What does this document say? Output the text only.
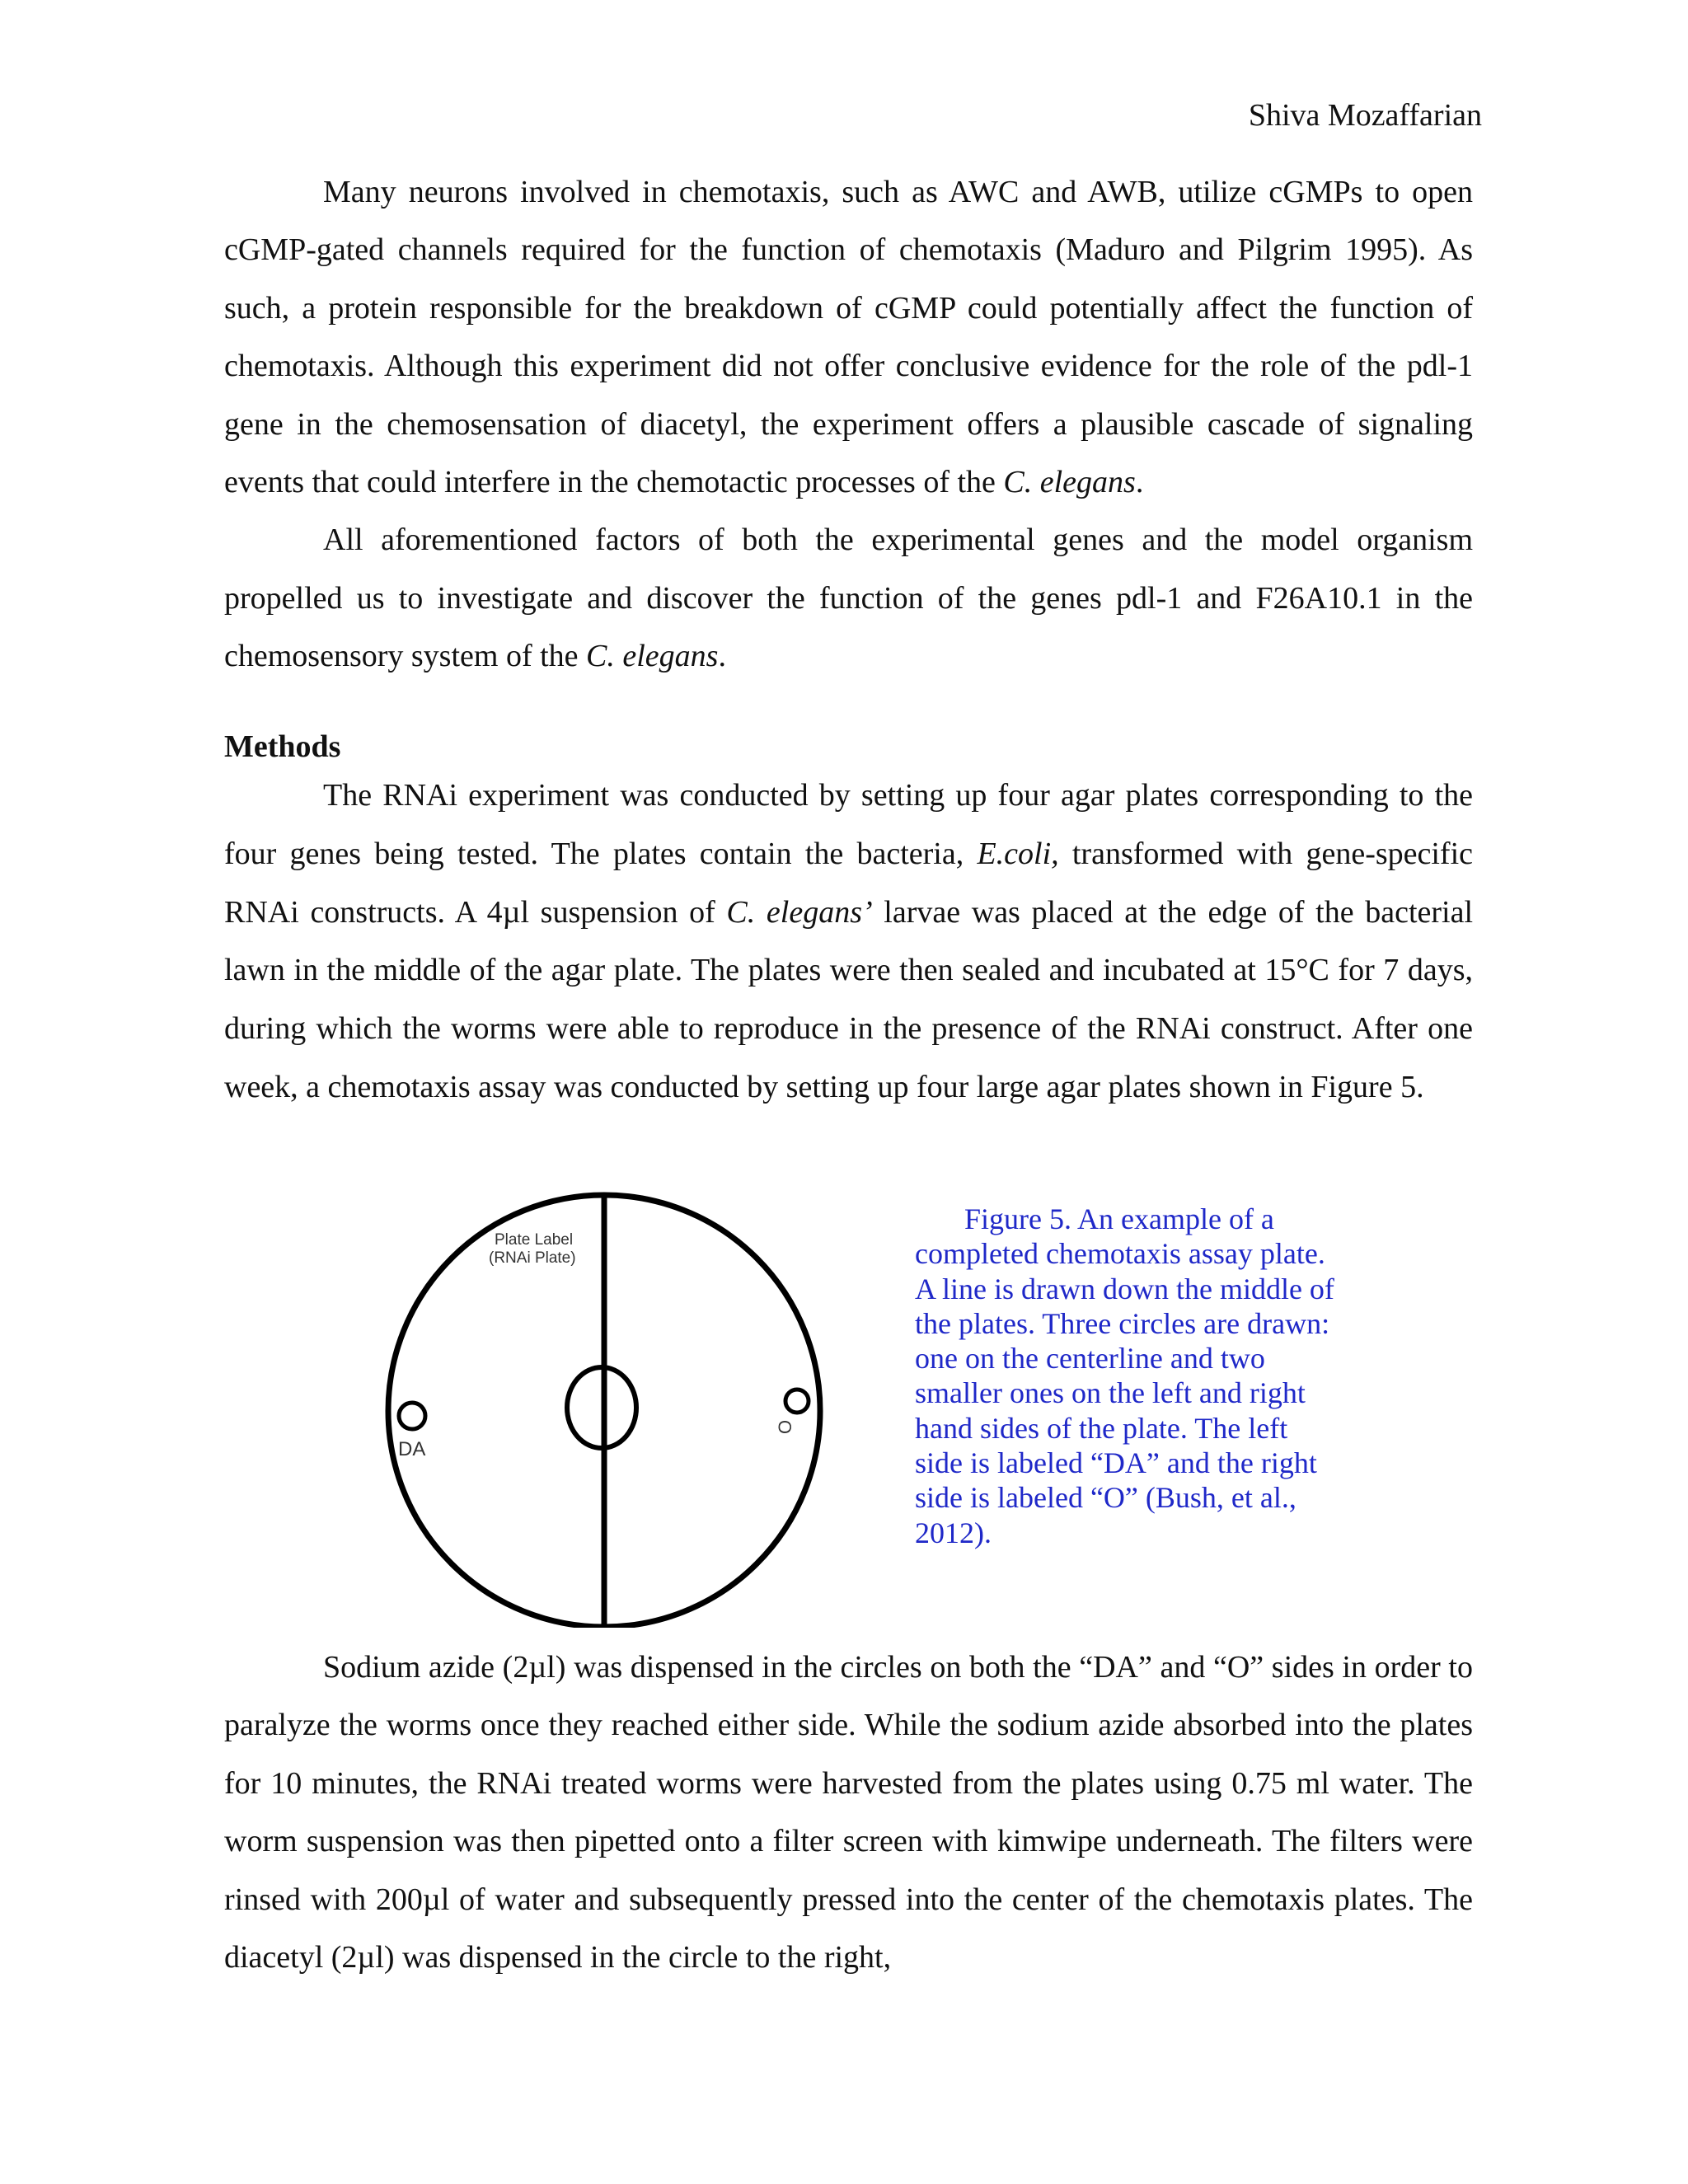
Shiva Mozaffarian

Many neurons involved in chemotaxis, such as AWC and AWB, utilize cGMPs to open cGMP-gated channels required for the function of chemotaxis (Maduro and Pilgrim 1995). As such, a protein responsible for the breakdown of cGMP could potentially affect the function of chemotaxis. Although this experiment did not offer conclusive evidence for the role of the pdl-1 gene in the chemosensation of diacetyl, the experiment offers a plausible cascade of signaling events that could interfere in the chemotactic processes of the C. elegans.

All aforementioned factors of both the experimental genes and the model organism propelled us to investigate and discover the function of the genes pdl-1 and F26A10.1 in the chemosensory system of the C. elegans.

Methods

The RNAi experiment was conducted by setting up four agar plates corresponding to the four genes being tested. The plates contain the bacteria, E.coli, transformed with gene-specific RNAi constructs. A 4µl suspension of C. elegans’ larvae was placed at the edge of the bacterial lawn in the middle of the agar plate. The plates were then sealed and incubated at 15°C for 7 days, during which the worms were able to reproduce in the presence of the RNAi construct. After one week, a chemotaxis assay was conducted by setting up four large agar plates shown in Figure 5.

Plate Label
(RNAi Plate)
DA
O
Figure 5. An example of a
completed chemotaxis assay plate.
A line is drawn down the middle of
the plates. Three circles are drawn:
one on the centerline and two
smaller ones on the left and right
hand sides of the plate. The left
side is labeled “DA” and the right
side is labeled “O” (Bush, et al.,
2012).

Sodium azide (2µl) was dispensed in the circles on both the “DA” and “O” sides in order to paralyze the worms once they reached either side. While the sodium azide absorbed into the plates for 10 minutes, the RNAi treated worms were harvested from the plates using 0.75 ml water. The worm suspension was then pipetted onto a filter screen with kimwipe underneath. The filters were rinsed with 200µl of water and subsequently pressed into the center of the chemotaxis plates. The diacetyl (2µl) was dispensed in the circle to the right,
